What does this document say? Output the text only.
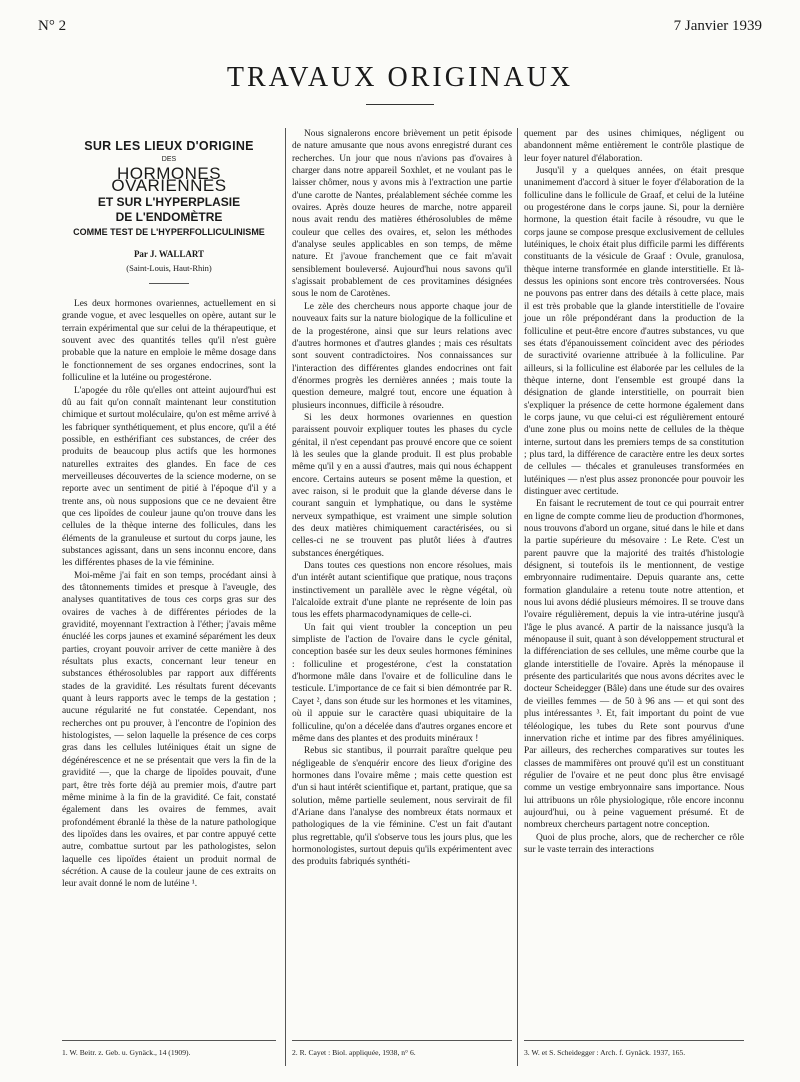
N° 2	7 Janvier 1939
TRAVAUX ORIGINAUX
SUR LES LIEUX D'ORIGINE
DES
HORMONES OVARIENNES
ET SUR L'HYPERPLASIE
DE L'ENDOMÈTRE
COMME TEST DE L'HYPERFOLLICULINISME
Par J. WALLART
(Saint-Louis, Haut-Rhin)

Les deux hormones ovariennes, actuellement en si grande vogue, et avec lesquelles on opère, autant sur le terrain expérimental que sur celui de la thérapeutique, et souvent avec des quantités telles qu'il n'est guère probable que la nature en emploie le même dosage dans le fonctionnement de ses organes endocrines, sont la folliculine et la lutéine ou progestérone.

L'apogée du rôle qu'elles ont atteint aujourd'hui est dû au fait qu'on connaît maintenant leur constitution chimique et surtout moléculaire, qu'on est même arrivé à les fabriquer synthétiquement, et plus encore, qu'il a été possible, en esthérifiant ces substances, de créer des produits de beaucoup plus actifs que les hormones naturelles extraites des glandes. En face de ces merveilleuses découvertes de la science moderne, on se reporte avec un sentiment de pitié à l'époque d'il y a trente ans, où nous supposions que ce ne devaient être que ces lipoïdes de couleur jaune qu'on trouve dans les cellules de la thèque interne des follicules, dans les éléments de la granuleuse et surtout du corps jaune, les substances agissant, dans un sens inconnu encore, dans les différentes phases de la vie féminine.

Moi-même j'ai fait en son temps, procédant ainsi à des tâtonnements timides et presque à l'aveugle, des analyses quantitatives de tous ces corps gras sur des ovaires de vaches à de différentes périodes de la gravidité, moyennant l'extraction à l'éther; j'avais même énucléé les corps jaunes et examiné séparément les deux parties, croyant pouvoir arriver de cette manière à des résultats plus exacts, concernant leur teneur en substances éthérosolubles par rapport aux différents stades de la gravidité. Les résultats furent décevants quant à leurs rapports avec le temps de la gestation ; aucune régularité ne fut constatée. Cependant, nos recherches ont pu prouver, à l'encontre de l'opinion des histologistes, — selon laquelle la présence de ces corps gras dans les cellules lutéiniques était un signe de dégénérescence et ne se présentait que vers la fin de la gravidité —, que la charge de lipoïdes pouvait, d'une part, être très forte déjà au premier mois, d'autre part même minime à la fin de la gravidité. Ce fait, constaté également dans les ovaires de femmes, avait profondément ébranlé la thèse de la nature pathologique des lipoïdes dans les ovaires, et par contre appuyé cette autre, combattue surtout par les pathologistes, selon laquelle ces lipoïdes étaient un produit normal de sécrétion. A cause de la couleur jaune de ces extraits on leur avait donné le nom de lutéine ¹.

Nous signalerons encore brièvement un petit épisode de nature amusante que nous avons enregistré durant ces recherches. Un jour que nous n'avions pas d'ovaires à charger dans notre appareil Soxhlet, et ne voulant pas le laisser chômer, nous y avons mis à l'extraction une partie d'une carotte de Nantes, préalablement séchée comme les ovaires. Après douze heures de marche, notre appareil nous avait rendu des matières éthérosolubles de même couleur que celles des ovaires, et, selon les méthodes d'analyse seules applicables en son temps, de même nature. Et j'avoue franchement que ce fait m'avait sensiblement bouleversé. Aujourd'hui nous savons qu'il s'agissait probablement de ces provitamines désignées sous le nom de Carotènes.

Le zèle des chercheurs nous apporte chaque jour de nouveaux faits sur la nature biologique de la folliculine et de la progestérone, ainsi que sur leurs relations avec d'autres hormones et d'autres glandes ; mais ces résultats sont souvent contradictoires. Nos connaissances sur l'interaction des différentes glandes endocrines ont fait d'énormes progrès les dernières années ; mais toute la question demeure, malgré tout, encore une équation à plusieurs inconnues, difficile à résoudre.

Si les deux hormones ovariennes en question paraissent pouvoir expliquer toutes les phases du cycle génital, il n'est cependant pas prouvé encore que ce soient là les seules que la glande produit. Il est plus probable même qu'il y en a aussi d'autres, mais qui nous échappent encore. Certains auteurs se posent même la question, et avec raison, si le produit que la glande déverse dans le courant sanguin et lymphatique, ou dans le système nerveux sympathique, est vraiment une simple solution des deux matières chimiquement caractérisées, ou si celles-ci ne se trouvent pas plutôt liées à d'autres substances énergétiques.

Dans toutes ces questions non encore résolues, mais d'un intérêt autant scientifique que pratique, nous traçons instinctivement un parallèle avec le règne végétal, où l'alcaloïde extrait d'une plante ne représente de loin pas tous les effets pharmacodynamiques de celle-ci.

Un fait qui vient troubler la conception un peu simpliste de l'action de l'ovaire dans le cycle génital, conception basée sur les deux seules hormones féminines : folliculine et progestérone, c'est la constatation d'hormone mâle dans l'ovaire et de folliculine dans le testicule. L'importance de ce fait si bien démontrée par R. Cayet ², dans son étude sur les hormones et les vitamines, où il appuie sur le caractère quasi ubiquitaire de la folliculine, qu'on a décelée dans d'autres organes encore et même dans des plantes et des produits minéraux !

Rebus sic stantibus, il pourrait paraître quelque peu négligeable de s'enquérir encore des lieux d'origine des hormones dans l'ovaire même ; mais cette question est d'un si haut intérêt scientifique et, partant, pratique, que sa solution, même partielle seulement, nous servirait de fil d'Ariane dans l'analyse des nombreux états normaux et pathologiques de la vie féminine. C'est un fait d'autant plus regrettable, qu'il s'observe tous les jours plus, que les hormonologistes, surtout depuis qu'ils expérimentent avec des produits fabriqués synthéti-

quement par des usines chimiques, négligent ou abandonnent même entièrement le contrôle plastique de leur foyer naturel d'élaboration.

Jusqu'il y a quelques années, on était presque unanimement d'accord à situer le foyer d'élaboration de la folliculine dans le follicule de Graaf, et celui de la lutéine ou progestérone dans le corps jaune. Si, pour la dernière hormone, la question était facile à résoudre, vu que le corps jaune se compose presque exclusivement de cellules lutéiniques, le choix était plus difficile parmi les différents constituants de la vésicule de Graaf : Ovule, granulosa, thèque interne transformée en glande interstitielle. Et là-dessus les opinions sont encore très controversées. Nous ne pouvons pas entrer dans des détails à cette place, mais il est très probable que la glande interstitielle de l'ovaire joue un rôle prépondérant dans la production de la folliculine et peut-être encore d'autres substances, vu que ses états d'épanouissement coïncident avec des périodes de suractivité ovarienne attribuée à la folliculine. Par ailleurs, si la folliculine est élaborée par les cellules de la thèque interne, dont l'ensemble est groupé dans la désignation de glande interstitielle, on pourrait bien s'expliquer la présence de cette hormone également dans le corps jaune, vu que celui-ci est régulièrement entouré d'une zone plus ou moins nette de cellules de la thèque interne, surtout dans les premiers temps de sa constitution ; plus tard, la différence de caractère entre les deux sortes de cellules — thécales et granuleuses transformées en lutéiniques — n'est plus assez prononcée pour pouvoir les distinguer avec certitude.

En faisant le recrutement de tout ce qui pourrait entrer en ligne de compte comme lieu de production d'hormones, nous trouvons d'abord un organe, situé dans le hile et dans la partie supérieure du mésovaire : Le Rete. C'est un parent pauvre que la majorité des traités d'histologie désignent, si toutefois ils le mentionnent, de vestige embryonnaire rudimentaire. Depuis quarante ans, cette formation glandulaire a retenu toute notre attention, et nous lui avons dédié plusieurs mémoires. Il se trouve dans l'ovaire régulièrement, depuis la vie intra-utérine jusqu'à l'âge le plus avancé. A partir de la naissance jusqu'à la ménopause il suit, quant à son développement structural et la différenciation de ses cellules, une même courbe que la glande interstitielle de l'ovaire. Après la ménopause il présente des particularités que nous avons décrites avec le docteur Scheidegger (Bâle) dans une étude sur des ovaires de vieilles femmes — de 50 à 96 ans — et qui sont des plus intéressantes ³. Et, fait important du point de vue téléologique, les tubes du Rete sont pourvus d'une innervation riche et intime par des fibres amyéliniques. Par ailleurs, des recherches comparatives sur toutes les classes de mammifères ont prouvé qu'il est un constituant régulier de l'ovaire et ne peut donc plus être envisagé comme un vestige embryonnaire sans importance. Nous lui attribuons un rôle physiologique, rôle encore inconnu aujourd'hui, ou à peine vaguement présumé. Et de nombreux chercheurs partagent notre conception.

Quoi de plus proche, alors, que de rechercher ce rôle sur le vaste terrain des interactions

1. W. Beitr. z. Geb. u. Gynäck., 14 (1909).	2. R. Cayet : Biol. appliquée, 1938, n° 6.	3. W. et S. Scheidegger : Arch. f. Gynäck. 1937, 165.
